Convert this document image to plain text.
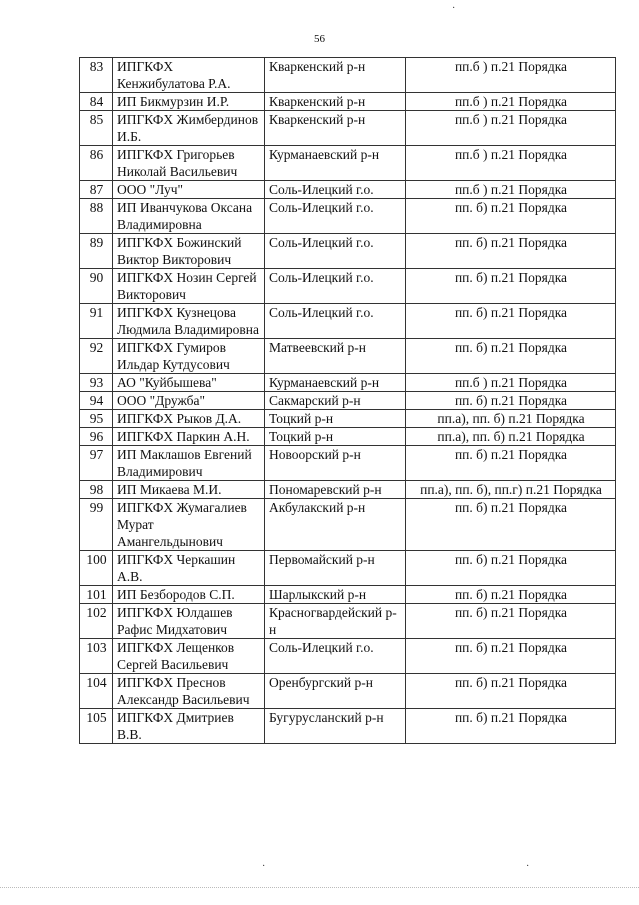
56
·
83	ИПГКФХ Кенжибулатова Р.А.	Кваркенский р-н	пп.б ) п.21 Порядка
84	ИП Бикмурзин И.Р.	Кваркенский р-н	пп.б ) п.21 Порядка
85	ИПГКФХ Жимбердинов И.Б.	Кваркенский р-н	пп.б ) п.21 Порядка
86	ИПГКФХ Григорьев Николай Васильевич	Курманаевский р-н	пп.б ) п.21 Порядка
87	ООО "Луч"	Соль-Илецкий г.о.	пп.б ) п.21 Порядка
88	ИП Иванчукова Оксана Владимировна	Соль-Илецкий г.о.	пп. б) п.21 Порядка
89	ИПГКФХ Божинский Виктор Викторович	Соль-Илецкий г.о.	пп. б) п.21 Порядка
90	ИПГКФХ Нозин Сергей Викторович	Соль-Илецкий г.о.	пп. б) п.21 Порядка
91	ИПГКФХ Кузнецова Людмила Владимировна	Соль-Илецкий г.о.	пп. б) п.21 Порядка
92	ИПГКФХ Гумиров Ильдар Кутдусович	Матвеевский р-н	пп. б) п.21 Порядка
93	АО "Куйбышева"	Курманаевский р-н	пп.б ) п.21 Порядка
94	ООО "Дружба"	Сакмарский р-н	пп. б) п.21 Порядка
95	ИПГКФХ Рыков Д.А.	Тоцкий р-н	пп.а), пп. б) п.21 Порядка
96	ИПГКФХ Паркин А.Н.	Тоцкий р-н	пп.а), пп. б) п.21 Порядка
97	ИП Маклашов Евгений Владимирович	Новоорский р-н	пп. б) п.21 Порядка
98	ИП Микаева М.И.	Пономаревский р-н	пп.а), пп. б), пп.г) п.21 Порядка
99	ИПГКФХ Жумагалиев Мурат Амангельдынович	Акбулакский р-н	пп. б) п.21 Порядка
100	ИПГКФХ Черкашин А.В.	Первомайский р-н	пп. б) п.21 Порядка
101	ИП Безбородов С.П.	Шарлыкский р-н	пп. б) п.21 Порядка
102	ИПГКФХ Юлдашев Рафис Мидхатович	Красногвардейский р-н	пп. б) п.21 Порядка
103	ИПГКФХ Лещенков Сергей Васильевич	Соль-Илецкий г.о.	пп. б) п.21 Порядка
104	ИПГКФХ Преснов Александр Васильевич	Оренбургский р-н	пп. б) п.21 Порядка
105	ИПГКФХ Дмитриев В.В.	Бугурусланский р-н	пп. б) п.21 Порядка
·	·
